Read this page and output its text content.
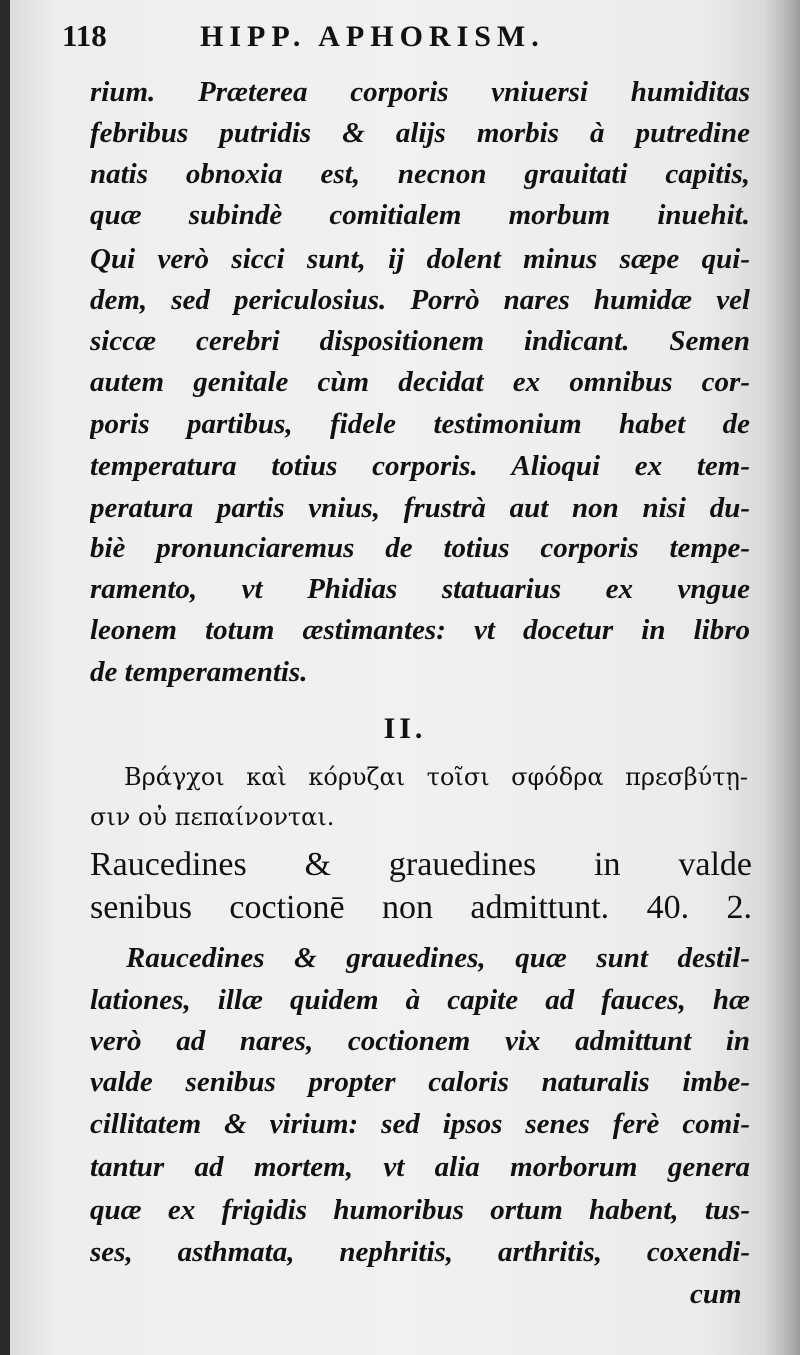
118	HIPP. APHORISM.
rium. Præterea corporis vniuersi humiditas
febribus putridis & alijs morbis à putredine
natis obnoxia est, necnon grauitati capitis,
quæ subindè comitialem morbum inuehit.
Qui verò sicci sunt, ij dolent minus sæpe qui-
dem, sed periculosius. Porrò nares humidæ vel
siccæ cerebri dispositionem indicant. Semen
autem genitale cùm decidat ex omnibus cor-
poris partibus, fidele testimonium habet de
temperatura totius corporis. Alioqui ex tem-
peratura partis vnius, frustrà aut non nisi du-
biè pronunciaremus de totius corporis tempe-
ramento, vt Phidias statuarius ex vngue
leonem totum æstimantes: vt docetur in libro
de temperamentis.
II.
Βράγχοι καὶ κόρυζαι τοῖσι σφόδρα πρεσβύτῃ-
σιν οὐ πεπαίνονται.
Raucedines & grauedines in valde
senibus coctionē non admittunt. 40. 2.
Raucedines & grauedines, quæ sunt destil-
lationes, illæ quidem à capite ad fauces, hæ
verò ad nares, coctionem vix admittunt in
valde senibus propter caloris naturalis imbe-
cillitatem & virium: sed ipsos senes ferè comi-
tantur ad mortem, vt alia morborum genera
quæ ex frigidis humoribus ortum habent, tus-
ses, asthmata, nephritis, arthritis, coxendi-
cum
